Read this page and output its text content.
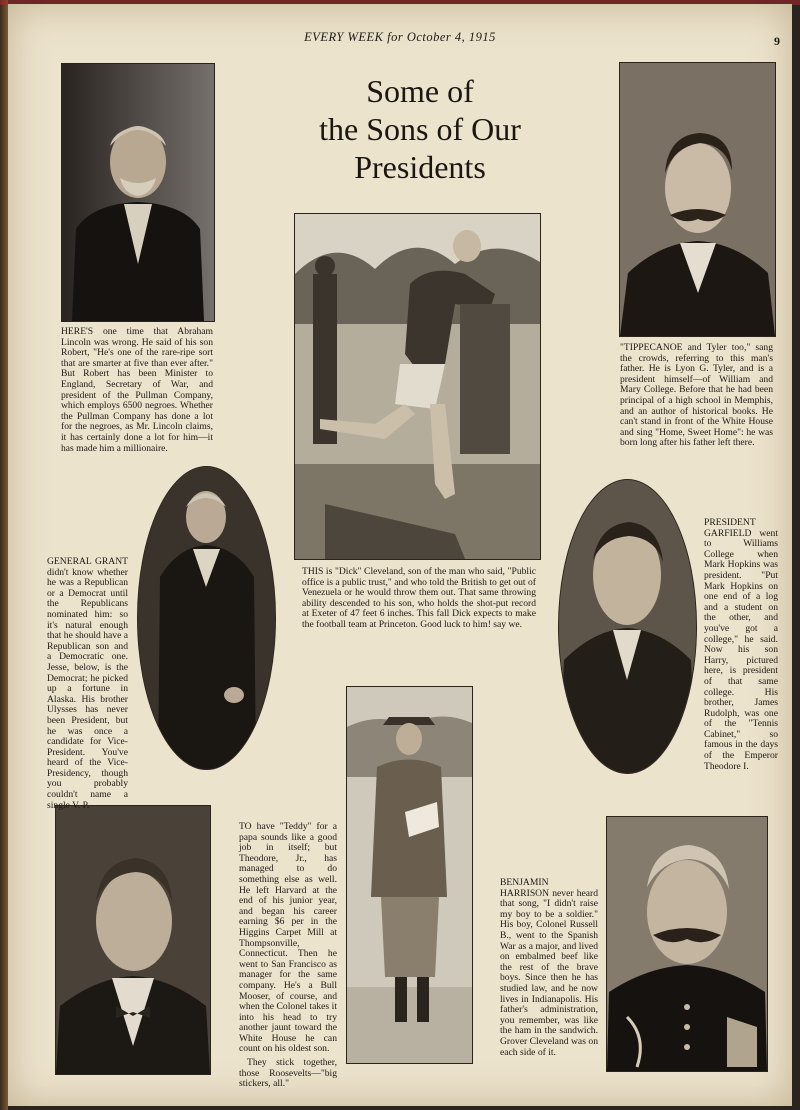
EVERY WEEK for October 4, 1915	9
Some of
the Sons of Our
Presidents

HERE'S one time that Abraham Lincoln was wrong. He said of his son Robert, "He's one of the rare-ripe sort that are smarter at five than ever after." But Robert has been Minister to England, Secretary of War, and president of the Pullman Company, which employs 6500 negroes. Whether the Pullman Company has done a lot for the negroes, as Mr. Lincoln claims, it has certainly done a lot for him—it has made him a millionaire.

"TIPPECANOE and Tyler too," sang the crowds, referring to this man's father. He is Lyon G. Tyler, and is a president himself—of William and Mary College. Before that he had been principal of a high school in Memphis, and an author of historical books. He can't stand in front of the White House and sing "Home, Sweet Home": he was born long after his father left there.

THIS is "Dick" Cleveland, son of the man who said, "Public office is a public trust," and who told the British to get out of Venezuela or he would throw them out. That same throwing ability descended to his son, who holds the shot-put record at Exeter of 47 feet 6 inches. This fall Dick expects to make the football team at Princeton. Good luck to him! say we.

GENERAL GRANT didn't know whether he was a Republican or a Democrat until the Republicans nominated him: so it's natural enough that he should have a Republican son and a Democratic one. Jesse, below, is the Democrat; he picked up a fortune in Alaska. His brother Ulysses has never been President, but he was once a candidate for Vice-President. You've heard of the Vice-Presidency, though you probably couldn't name a single V. P.

PRESIDENT GARFIELD went to Williams College when Mark Hopkins was president. "Put Mark Hopkins on one end of a log and a student on the other, and you've got a college," he said. Now his son Harry, pictured here, is president of that same college. His brother, James Rudolph, was one of the "Tennis Cabinet," so famous in the days of the Emperor Theodore I.

TO have "Teddy" for a papa sounds like a good job in itself; but Theodore, Jr., has managed to do something else as well. He left Harvard at the end of his junior year, and began his career earning $6 per in the Higgins Carpet Mill at Thompsonville, Connecticut. Then he went to San Francisco as manager for the same company. He's a Bull Mooser, of course, and when the Colonel takes it into his head to try another jaunt toward the White House he can count on his oldest son.

They stick together, those Roosevelts—"big stickers, all."

BENJAMIN HARRISON never heard that song, "I didn't raise my boy to be a soldier." His boy, Colonel Russell B., went to the Spanish War as a major, and lived on embalmed beef like the rest of the brave boys. Since then he has studied law, and he now lives in Indianapolis. His father's administration, you remember, was like the ham in the sandwich. Grover Cleveland was on each side of it.
